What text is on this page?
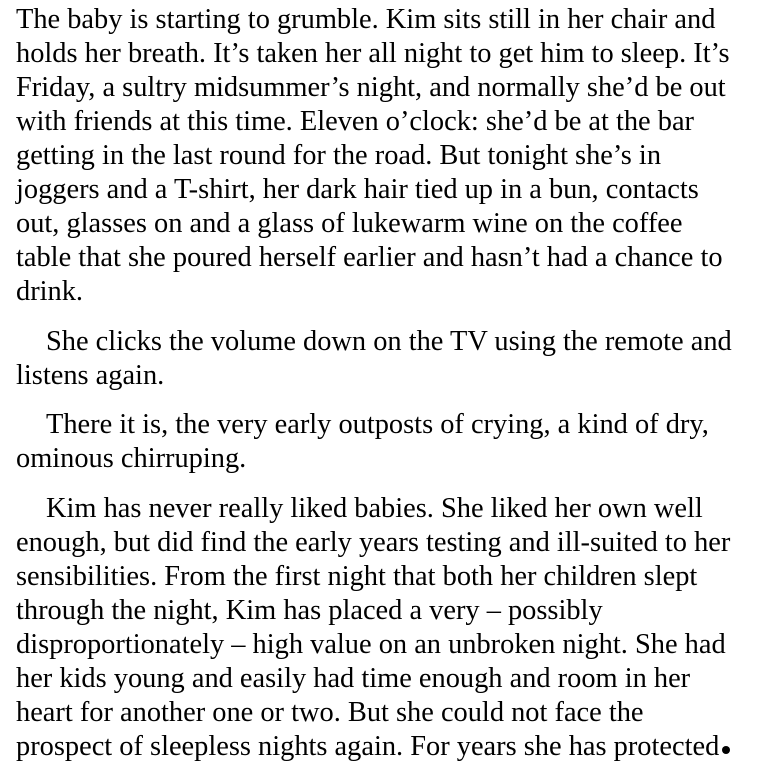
The baby is starting to grumble. Kim sits still in her chair and
holds her breath. It’s taken her all night to get him to sleep. It’s
Friday, a sultry midsummer’s night, and normally she’d be out
with friends at this time. Eleven o’clock: she’d be at the bar
getting in the last round for the road. But tonight she’s in
joggers and a T-shirt, her dark hair tied up in a bun, contacts
out, glasses on and a glass of lukewarm wine on the coffee
table that she poured herself earlier and hasn’t had a chance to
drink.

She clicks the volume down on the TV using the remote and
listens again.

There it is, the very early outposts of crying, a kind of dry,
ominous chirruping.

Kim has never really liked babies. She liked her own well
enough, but did find the early years testing and ill-suited to her
sensibilities. From the first night that both her children slept
through the night, Kim has placed a very – possibly
disproportionately – high value on an unbroken night. She had
her kids young and easily had time enough and room in her
heart for another one or two. But she could not face the
prospect of sleepless nights again. For years she has protected
